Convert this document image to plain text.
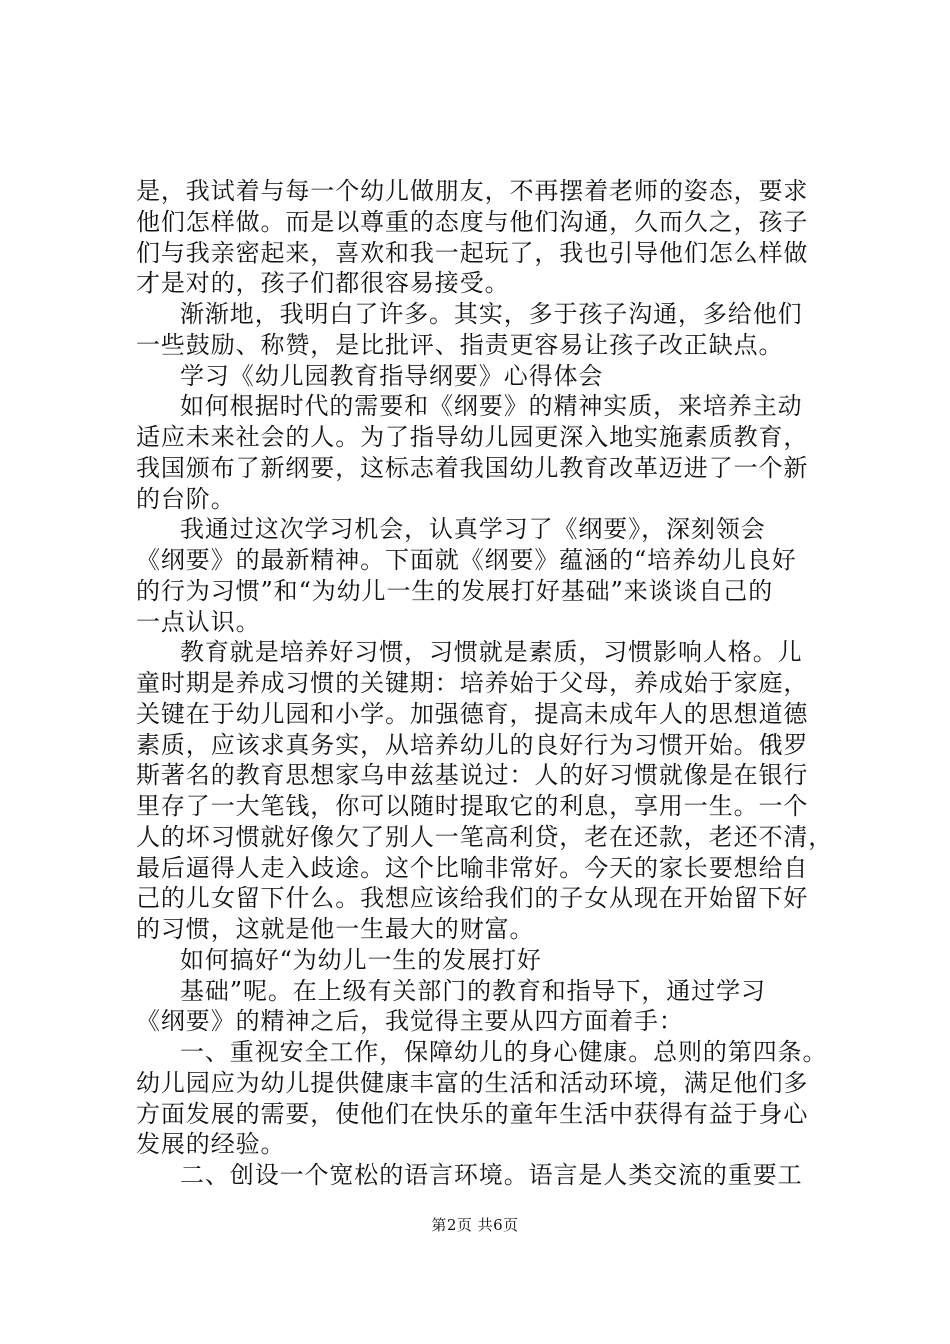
是，我试着与每一个幼儿做朋友，不再摆着老师的姿态，要求
他们怎样做。而是以尊重的态度与他们沟通，久而久之，孩子
们与我亲密起来，喜欢和我一起玩了，我也引导他们怎么样做
才是对的，孩子们都很容易接受。
渐渐地，我明白了许多。其实，多于孩子沟通，多给他们
一些鼓励、称赞，是比批评、指责更容易让孩子改正缺点。
学习《幼儿园教育指导纲要》心得体会
如何根据时代的需要和《纲要》的精神实质，来培养主动
适应未来社会的人。为了指导幼儿园更深入地实施素质教育，
我国颁布了新纲要，这标志着我国幼儿教育改革迈进了一个新
的台阶。
我通过这次学习机会，认真学习了《纲要》，深刻领会
《纲要》的最新精神。下面就《纲要》蕴涵的“培养幼儿良好
的行为习惯”和“为幼儿一生的发展打好基础”来谈谈自己的
一点认识。
教育就是培养好习惯，习惯就是素质，习惯影响人格。儿
童时期是养成习惯的关键期：培养始于父母，养成始于家庭，
关键在于幼儿园和小学。加强德育，提高未成年人的思想道德
素质，应该求真务实，从培养幼儿的良好行为习惯开始。俄罗
斯著名的教育思想家乌申兹基说过：人的好习惯就像是在银行
里存了一大笔钱，你可以随时提取它的利息，享用一生。一个
人的坏习惯就好像欠了别人一笔高利贷，老在还款，老还不清，
最后逼得人走入歧途。这个比喻非常好。今天的家长要想给自
己的儿女留下什么。我想应该给我们的子女从现在开始留下好
的习惯，这就是他一生最大的财富。
如何搞好“为幼儿一生的发展打好
基础”呢。在上级有关部门的教育和指导下，通过学习
《纲要》的精神之后，我觉得主要从四方面着手：
一、重视安全工作，保障幼儿的身心健康。总则的第四条。
幼儿园应为幼儿提供健康丰富的生活和活动环境，满足他们多
方面发展的需要，使他们在快乐的童年生活中获得有益于身心
发展的经验。
二、创设一个宽松的语言环境。语言是人类交流的重要工
第2页 共6页
